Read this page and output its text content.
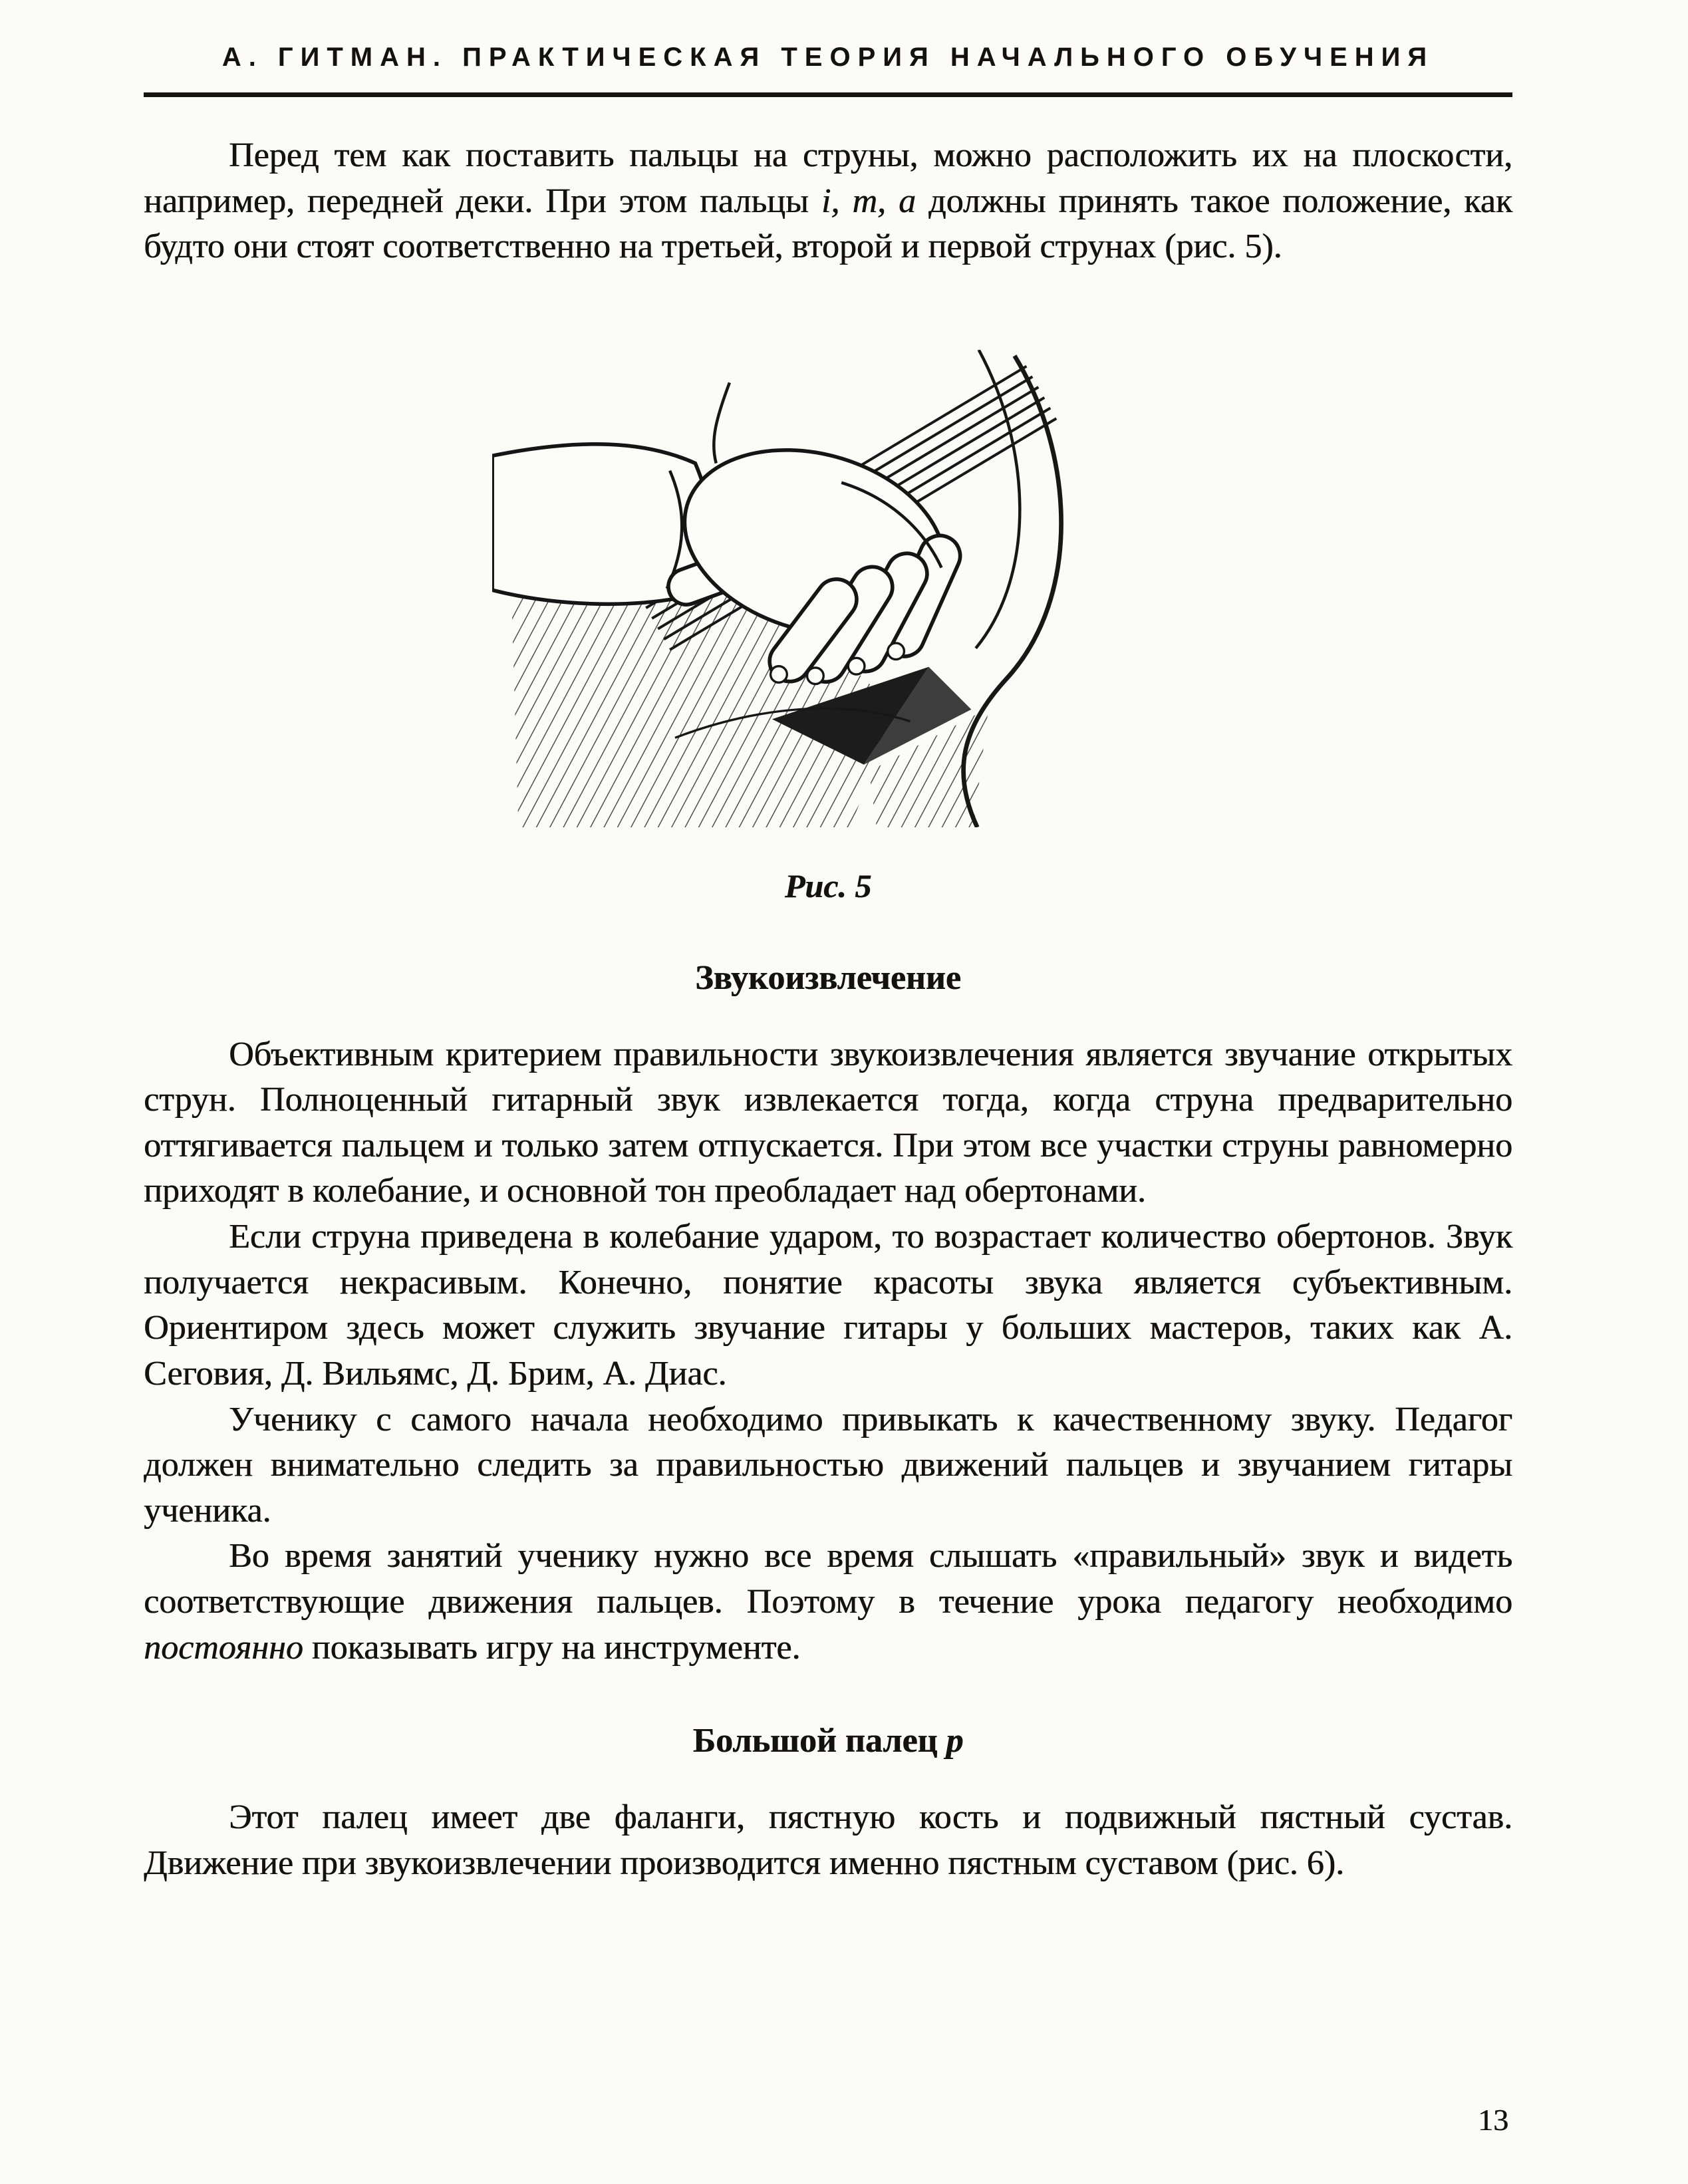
А. ГИТМАН. ПРАКТИЧЕСКАЯ ТЕОРИЯ НАЧАЛЬНОГО ОБУЧЕНИЯ

Перед тем как поставить пальцы на струны, можно расположить их на плоскости, например, передней деки. При этом пальцы i, m, a должны принять такое положение, как будто они стоят соответственно на третьей, второй и первой струнах (рис. 5).

Рис. 5
Звукоизвлечение

Объективным критерием правильности звукоизвлечения является звучание открытых струн. Полноценный гитарный звук извлекается тогда, когда струна предварительно оттягивается пальцем и только затем отпускается. При этом все участки струны равномерно приходят в колебание, и основной тон преобладает над обертонами.

Если струна приведена в колебание ударом, то возрастает количество обертонов. Звук получается некрасивым. Конечно, понятие красоты звука является субъективным. Ориентиром здесь может служить звучание гитары у больших мастеров, таких как А. Сеговия, Д. Вильямс, Д. Брим, А. Диас.

Ученику с самого начала необходимо привыкать к качественному звуку. Педагог должен внимательно следить за правильностью движений пальцев и звучанием гитары ученика.

Во время занятий ученику нужно все время слышать «правильный» звук и видеть соответствующие движения пальцев. Поэтому в течение урока педагогу необходимо постоянно показывать игру на инструменте.

Большой палец p

Этот палец имеет две фаланги, пястную кость и подвижный пястный сустав. Движение при звукоизвлечении производится именно пястным суставом (рис. 6).

13
